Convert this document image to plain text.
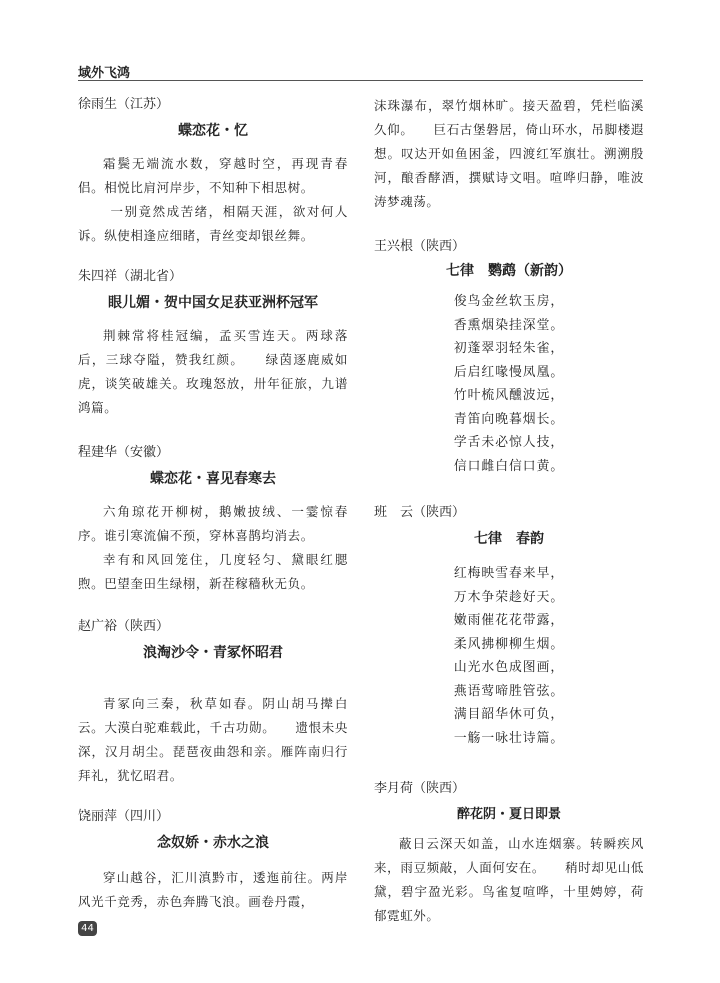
域外飞鸿

徐雨生（江苏）

蝶恋花・忆

霜鬓无端流水数，穿越时空，再现青春侣。相悦比肩河岸步，不知种下相思树。

一别竟然成苦绪，相隔天涯，欲对何人诉。纵使相逢应细睹，青丝变却银丝舞。

朱四祥（湖北省）

眼儿媚・贺中国女足获亚洲杯冠军

荆棘常将桂冠编，孟买雪连天。两球落后，三球夺隘，赞我红颜。　　绿茵逐鹿威如虎，谈笑破雄关。玫瑰怒放，卅年征旅，九谱鸿篇。

程建华（安徽）

蝶恋花・喜见春寒去

六角琼花开柳树，鹅嫩披绒、一霎惊春序。谁引寒流偏不预，穿林喜鹊均消去。

幸有和风回笼住，几度轻匀、黛眼红腮煦。巴望奎田生绿栩，新茬稼穑秋无负。

赵广裕（陕西）

浪淘沙令・青冢怀昭君

青冢向三秦，秋草如春。阴山胡马撵白云。大漠白驼难载此，千古功勋。　　遗恨未央深，汉月胡尘。琵琶夜曲怨和亲。雁阵南归行拜礼，犹忆昭君。

饶丽萍（四川）

念奴娇・赤水之浪

穿山越谷，汇川滇黔市，逶迤前往。两岸风光千竞秀，赤色奔腾飞浪。画卷丹霞，

沫珠瀑布，翠竹烟林旷。接天盈碧，凭栏临溪久仰。　　巨石古堡磐居，倚山环水，吊脚楼遐想。叹达开如鱼困釜，四渡红军旗壮。溯溯殷河，酿香酵酒，撰赋诗文唱。喧哗归静，唯波涛梦魂荡。

王兴根（陕西）

七律　鹦鹉（新韵）

俊鸟金丝软玉房，
香熏烟染挂深堂。
初蓬翠羽轻朱雀，
后启红喙慢凤凰。
竹叶梳风醺波远，
青笛向晚暮烟长。
学舌未必惊人技，
信口雌白信口黄。

班　云（陕西）

七律　春韵

红梅映雪春来早，
万木争荣趁好天。
嫩雨催花花带露，
柔风拂柳柳生烟。
山光水色成图画，
燕语莺啼胜管弦。
满目韶华休可负，
一觞一咏壮诗篇。

李月荷（陕西）

醉花阴・夏日即景

蔽日云深天如盖，山水连烟寨。转瞬疾风来，雨豆频敲，人面何安在。　　稍时却见山低黛，碧宇盈光彩。鸟雀复喧哗，十里娉婷，荷郁霓虹外。

44
